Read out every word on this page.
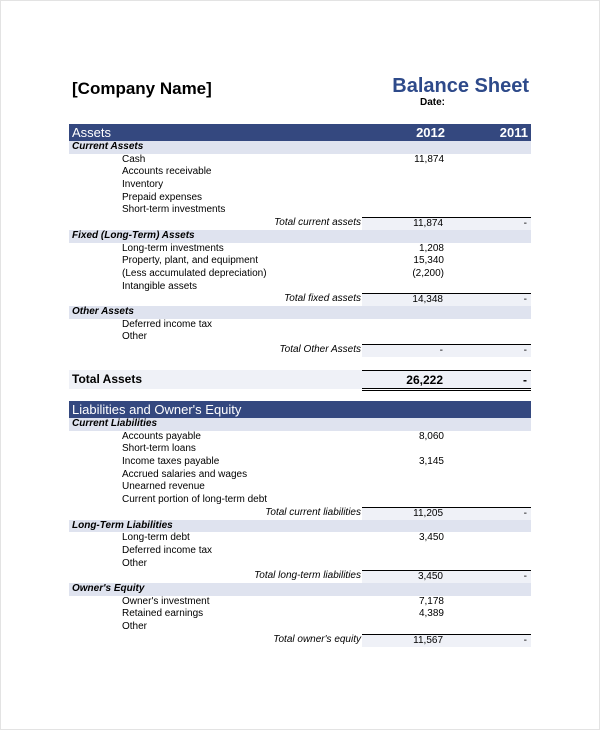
[Company Name]	Balance Sheet
Date:
Assets	2012	2011
Current Assets
Cash	11,874
Accounts receivable
Inventory
Prepaid expenses
Short-term investments
Total current assets	11,874	-
Fixed (Long-Term) Assets
Long-term investments	1,208
Property, plant, and equipment	15,340
(Less accumulated depreciation)	(2,200)
Intangible assets
Total fixed assets	14,348	-
Other Assets
Deferred income tax
Other
Total Other Assets	-	-
Total Assets	26,222	-
Liabilities and Owner's Equity
Current Liabilities
Accounts payable	8,060
Short-term loans
Income taxes payable	3,145
Accrued salaries and wages
Unearned revenue
Current portion of long-term debt
Total current liabilities	11,205	-
Long-Term Liabilities
Long-term debt	3,450
Deferred income tax
Other
Total long-term liabilities	3,450	-
Owner's Equity
Owner's investment	7,178
Retained earnings	4,389
Other
Total owner's equity	11,567	-
